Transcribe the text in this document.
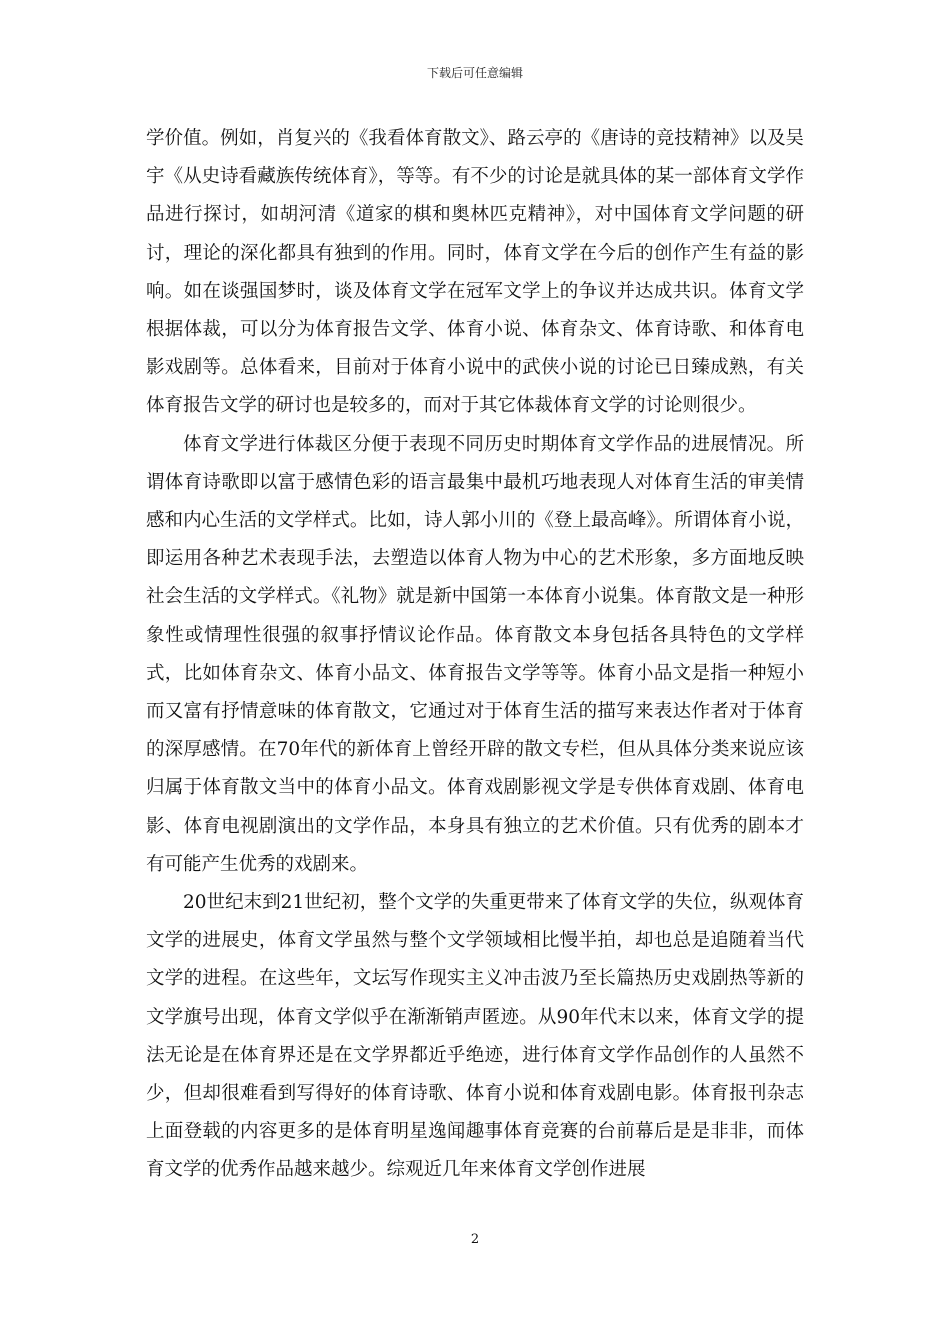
下载后可任意编辑

学价值。例如，肖复兴的《我看体育散文》、路云亭的《唐诗的竞技精神》以及吴宇《从史诗看藏族传统体育》，等等。有不少的讨论是就具体的某一部体育文学作品进行探讨，如胡河清《道家的棋和奥林匹克精神》，对中国体育文学问题的研讨，理论的深化都具有独到的作用。同时，体育文学在今后的创作产生有益的影响。如在谈强国梦时，谈及体育文学在冠军文学上的争议并达成共识。体育文学根据体裁，可以分为体育报告文学、体育小说、体育杂文、体育诗歌、和体育电影戏剧等。总体看来，目前对于体育小说中的武侠小说的讨论已日臻成熟，有关体育报告文学的研讨也是较多的，而对于其它体裁体育文学的讨论则很少。

体育文学进行体裁区分便于表现不同历史时期体育文学作品的进展情况。所谓体育诗歌即以富于感情色彩的语言最集中最机巧地表现人对体育生活的审美情感和内心生活的文学样式。比如，诗人郭小川的《登上最高峰》。所谓体育小说，即运用各种艺术表现手法，去塑造以体育人物为中心的艺术形象，多方面地反映社会生活的文学样式。《礼物》就是新中国第一本体育小说集。体育散文是一种形象性或情理性很强的叙事抒情议论作品。体育散文本身包括各具特色的文学样式，比如体育杂文、体育小品文、体育报告文学等等。体育小品文是指一种短小而又富有抒情意味的体育散文，它通过对于体育生活的描写来表达作者对于体育的深厚感情。在70年代的新体育上曾经开辟的散文专栏，但从具体分类来说应该归属于体育散文当中的体育小品文。体育戏剧影视文学是专供体育戏剧、体育电影、体育电视剧演出的文学作品，本身具有独立的艺术价值。只有优秀的剧本才有可能产生优秀的戏剧来。

20世纪末到21世纪初，整个文学的失重更带来了体育文学的失位，纵观体育文学的进展史，体育文学虽然与整个文学领域相比慢半拍，却也总是追随着当代文学的进程。在这些年，文坛写作现实主义冲击波乃至长篇热历史戏剧热等新的文学旗号出现，体育文学似乎在渐渐销声匿迹。从90年代末以来，体育文学的提法无论是在体育界还是在文学界都近乎绝迹，进行体育文学作品创作的人虽然不少，但却很难看到写得好的体育诗歌、体育小说和体育戏剧电影。体育报刊杂志上面登载的内容更多的是体育明星逸闻趣事体育竞赛的台前幕后是是非非，而体育文学的优秀作品越来越少。综观近几年来体育文学创作进展

2
